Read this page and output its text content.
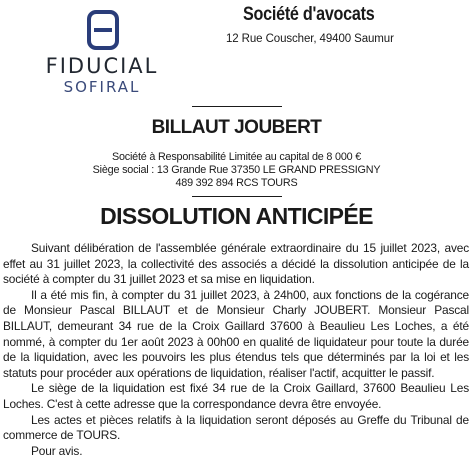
FIDUCIAL
SOFIRAL
Société d'avocats
12 Rue Couscher, 49400 Saumur
BILLAUT JOUBERT
Société à Responsabilité Limitée au capital de 8 000 €
Siège social : 13 Grande Rue 37350 LE GRAND PRESSIGNY
489 392 894 RCS TOURS
DISSOLUTION ANTICIPÉE

Suivant délibération de l'assemblée générale extraordinaire du 15 juillet 2023, avec effet au 31 juillet 2023, la collectivité des associés a décidé la dissolution anticipée de la société à compter du 31 juillet 2023 et sa mise en liquidation.

Il a été mis fin, à compter du 31 juillet 2023, à 24h00, aux fonctions de la cogérance de Monsieur Pascal BILLAUT et de Monsieur Charly JOUBERT. Monsieur Pascal BILLAUT, demeurant 34 rue de la Croix Gaillard 37600 à Beaulieu Les Loches, a été nommé, à compter du 1er août 2023 à 00h00 en qualité de liquidateur pour toute la durée de la liquidation, avec les pouvoirs les plus étendus tels que déterminés par la loi et les statuts pour procéder aux opérations de liquidation, réaliser l'actif, acquitter le passif.

Le siège de la liquidation est fixé 34 rue de la Croix Gaillard, 37600 Beaulieu Les Loches. C'est à cette adresse que la correspondance devra être envoyée.

Les actes et pièces relatifs à la liquidation seront déposés au Greffe du Tribunal de commerce de TOURS.

Pour avis.
